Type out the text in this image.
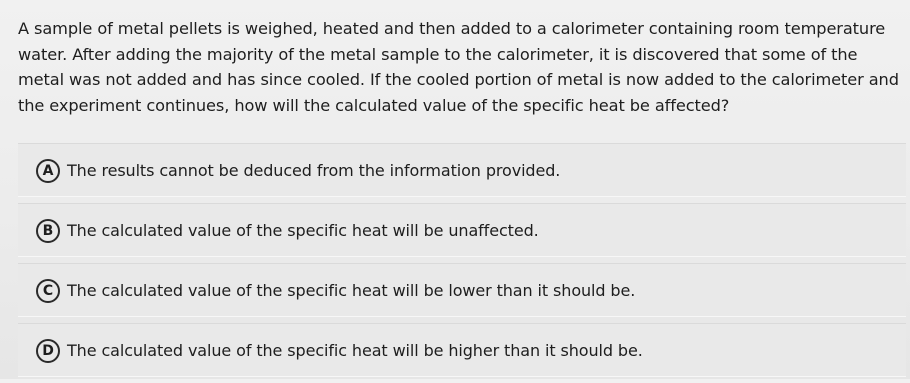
A sample of metal pellets is weighed, heated and then added to a calorimeter containing room temperature water. After adding the majority of the metal sample to the calorimeter, it is discovered that some of the metal was not added and has since cooled. If the cooled portion of metal is now added to the calorimeter and the experiment continues, how will the calculated value of the specific heat be affected?

A The results cannot be deduced from the information provided.
B The calculated value of the specific heat will be unaffected.
C The calculated value of the specific heat will be lower than it should be.
D The calculated value of the specific heat will be higher than it should be.
